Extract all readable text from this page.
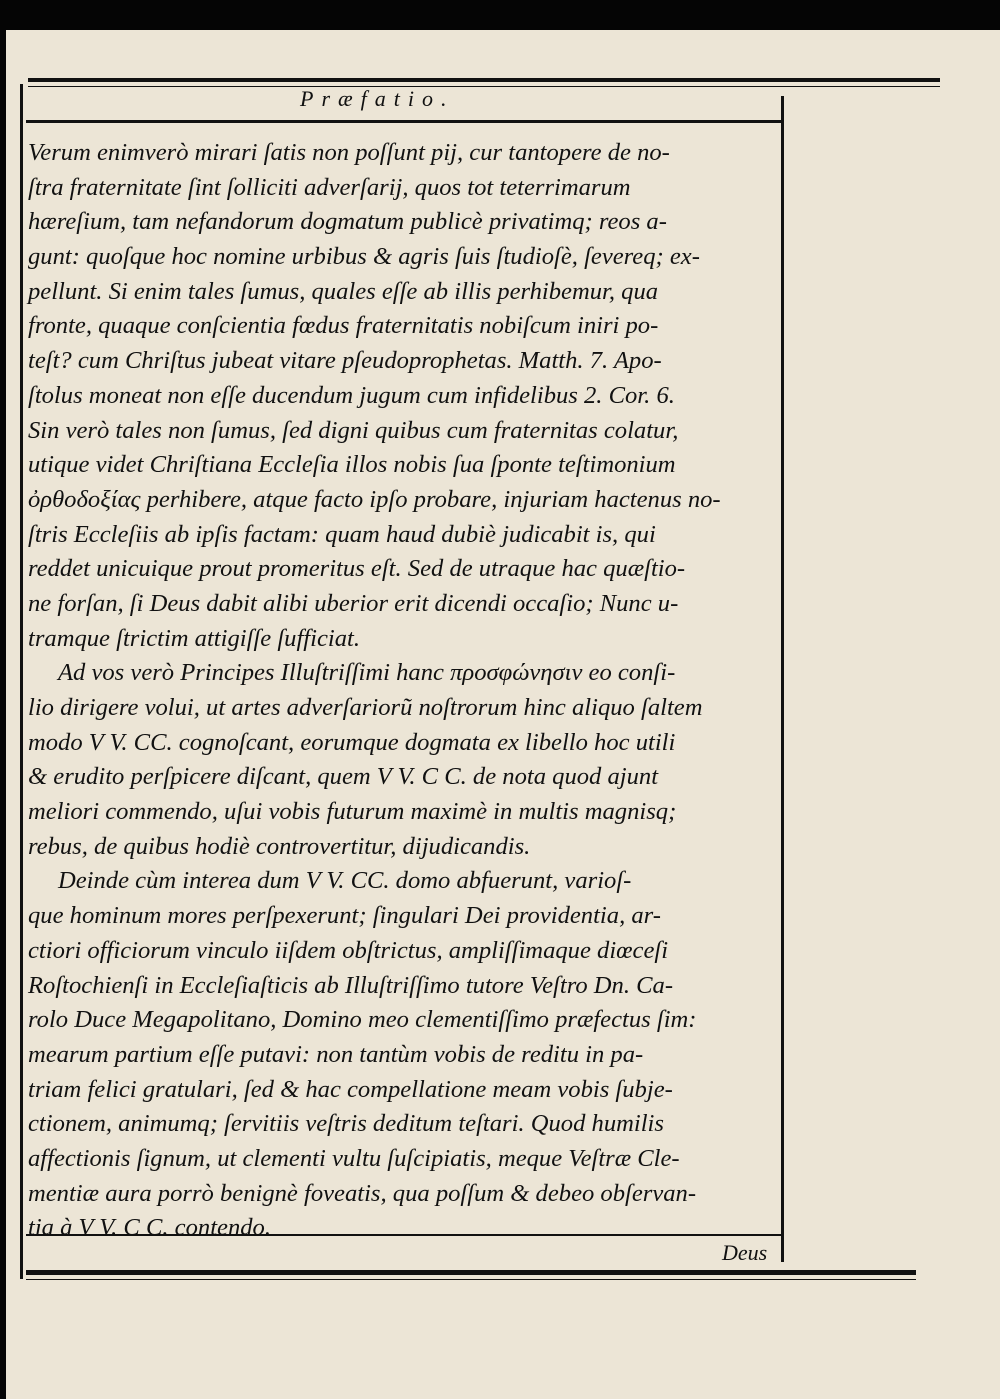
Præfatio.
Verum enimverò mirari ſatis non poſſunt pij, cur tantopere de no-
ſtra fraternitate ſint ſolliciti adverſarij, quos tot teterrimarum
hæreſium, tam nefandorum dogmatum publicè privatimq; reos a-
gunt: quoſque hoc nomine urbibus & agris ſuis ſtudioſè, ſevereq; ex-
pellunt. Si enim tales ſumus, quales eſſe ab illis perhibemur, qua
fronte, quaque conſcientia fœdus fraternitatis nobiſcum iniri po-
teſt? cum Chriſtus jubeat vitare pſeudoprophetas. Matth. 7. Apo-
ſtolus moneat non eſſe ducendum jugum cum infidelibus 2. Cor. 6.
Sin verò tales non ſumus, ſed digni quibus cum fraternitas colatur,
utique videt Chriſtiana Eccleſia illos nobis ſua ſponte teſtimonium
ὀρθοδοξίας perhibere, atque facto ipſo probare, injuriam hactenus no-
ſtris Eccleſiis ab ipſis factam: quam haud dubiè judicabit is, qui
reddet unicuique prout promeritus eſt. Sed de utraque hac quæſtio-
ne forſan, ſi Deus dabit alibi uberior erit dicendi occaſio; Nunc u-
tramque ſtrictim attigiſſe ſufficiat.
Ad vos verò Principes Illuſtriſſimi hanc προσφώνησιν eo conſi-
lio dirigere volui, ut artes adverſariorũ noſtrorum hinc aliquo ſaltem
modo V V. CC. cognoſcant, eorumque dogmata ex libello hoc utili
& erudito perſpicere diſcant, quem V V. C C. de nota quod ajunt
meliori commendo, uſui vobis futurum maximè in multis magnisq;
rebus, de quibus hodiè controvertitur, dijudicandis.
Deinde cùm interea dum V V. CC. domo abfuerunt, varioſ-
que hominum mores perſpexerunt; ſingulari Dei providentia, ar-
ctiori officiorum vinculo iiſdem obſtrictus, ampliſſimaque diœceſi
Roſtochienſi in Eccleſiaſticis ab Illuſtriſſimo tutore Veſtro Dn. Ca-
rolo Duce Megapolitano, Domino meo clementiſſimo præfectus ſim:
mearum partium eſſe putavi: non tantùm vobis de reditu in pa-
triam felici gratulari, ſed & hac compellatione meam vobis ſubje-
ctionem, animumq; ſervitiis veſtris deditum teſtari. Quod humilis
affectionis ſignum, ut clementi vultu ſuſcipiatis, meque Veſtræ Cle-
mentiæ aura porrò benignè foveatis, qua poſſum & debeo obſervan-
tia à V V. C C. contendo.
Deus
